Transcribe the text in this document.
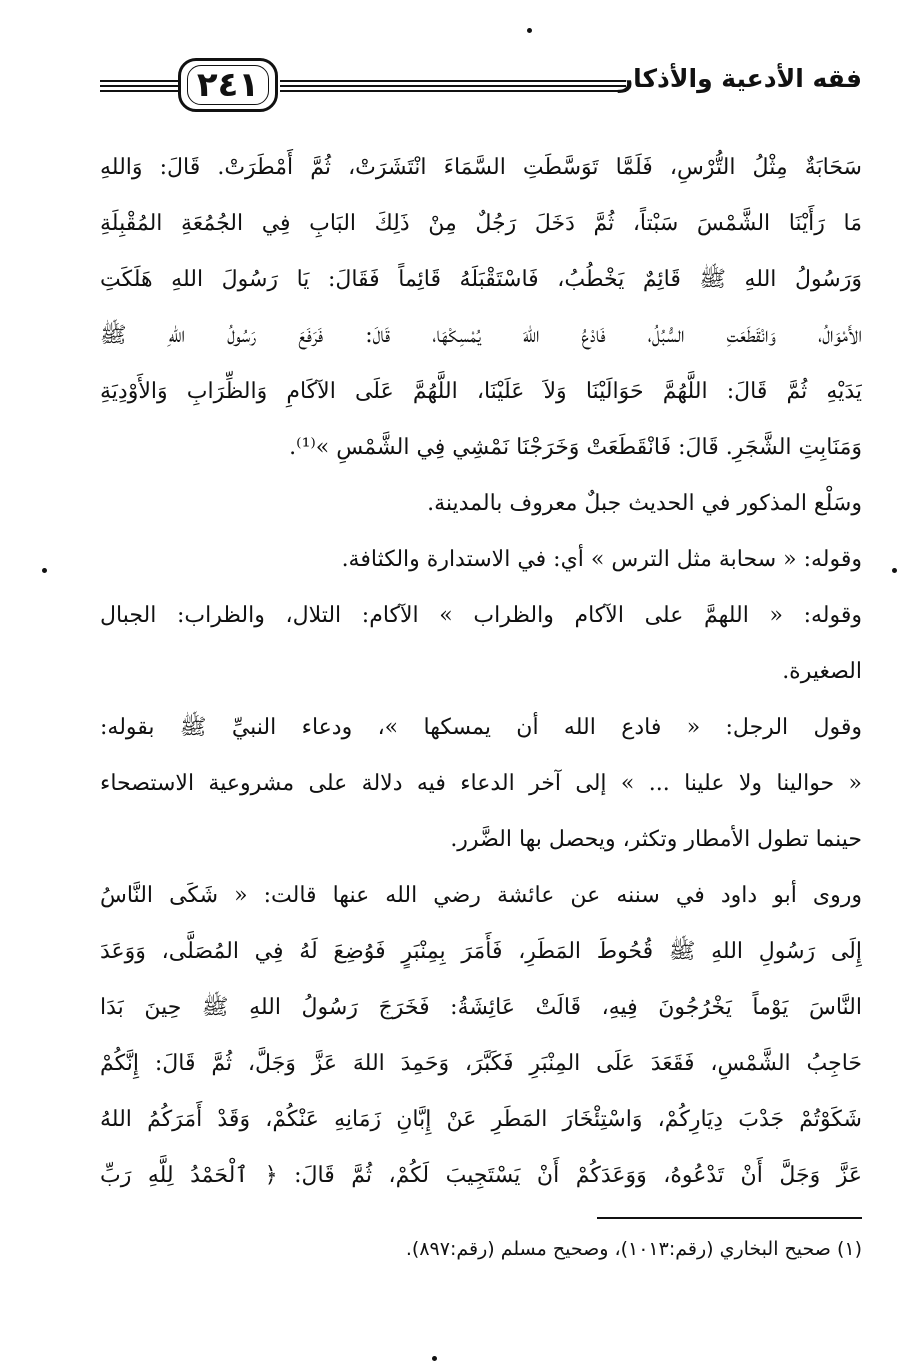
٢٤١	فقه الأدعية والأذكار
سَحَابَةٌ مِثْلُ التُّرْسِ، فَلَمَّا تَوَسَّطَتِ السَّمَاءَ انْتَشَرَتْ، ثُمَّ أَمْطَرَتْ. قَالَ: وَاللهِ
مَا رَأَيْنَا الشَّمْسَ سَبْتاً، ثُمَّ دَخَلَ رَجُلٌ مِنْ ذَلِكَ البَابِ فِي الجُمُعَةِ المُقْبِلَةِ
وَرَسُولُ اللهِ ﷺ قَائِمٌ يَخْطُبُ، فَاسْتَقْبَلَهُ قَائِماً فَقَالَ: يَا رَسُولَ اللهِ هَلَكَتِ
الأَمْوَالُ، وَانْقَطَعَتِ السُّبُلُ، فَادْعُ اللهَ يُمْسِكْهَا، قَالَ: فَرَفَعَ رَسُولُ اللهِ ﷺ
يَدَيْهِ ثُمَّ قَالَ: اللَّهُمَّ حَوَالَيْنَا وَلاَ عَلَيْنَا، اللَّهُمَّ عَلَى الآكَامِ وَالظِّرَابِ وَالأَوْدِيَةِ
وَمَنَابِتِ الشَّجَرِ. قَالَ: فَانْقَطَعَتْ وَخَرَجْنَا نَمْشِي فِي الشَّمْسِ »⁽¹⁾.
وسَلْع المذكور في الحديث جبلٌ معروف بالمدينة.
وقوله: « سحابة مثل الترس » أي: في الاستدارة والكثافة.
وقوله: « اللهمَّ على الآكام والظراب » الآكام: التلال، والظراب: الجبال
الصغيرة.
وقول الرجل: « فادع الله أن يمسكها »، ودعاء النبيِّ ﷺ بقوله:
« حوالينا ولا علينا ... » إلى آخر الدعاء فيه دلالة على مشروعية الاستصحاء
حينما تطول الأمطار وتكثر، ويحصل بها الضَّرر.
وروى أبو داود في سننه عن عائشة رضي الله عنها قالت: « شَكَى النَّاسُ
إِلَى رَسُولِ اللهِ ﷺ قُحُوطَ المَطَرِ، فَأَمَرَ بِمِنْبَرٍ فَوُضِعَ لَهُ فِي المُصَلَّى، وَوَعَدَ
النَّاسَ يَوْماً يَخْرُجُونَ فِيهِ، قَالَتْ عَائِشَةُ: فَخَرَجَ رَسُولُ اللهِ ﷺ حِينَ بَدَا
حَاجِبُ الشَّمْسِ، فَقَعَدَ عَلَى المِنْبَرِ فَكَبَّرَ، وَحَمِدَ اللهَ عَزَّ وَجَلَّ، ثُمَّ قَالَ: إِنَّكُمْ
شَكَوْتُمْ جَدْبَ دِيَارِكُمْ، وَاسْتِئْخَارَ المَطَرِ عَنْ إِبَّانِ زَمَانِهِ عَنْكُمْ، وَقَدْ أَمَرَكُمُ اللهُ
عَزَّ وَجَلَّ أَنْ تَدْعُوهُ، وَوَعَدَكُمْ أَنْ يَسْتَجِيبَ لَكُمْ، ثُمَّ قَالَ: ﴿ ٱلْحَمْدُ لِلَّهِ رَبِّ
(١) صحيح البخاري (رقم:١٠١٣)، وصحيح مسلم (رقم:٨٩٧).
